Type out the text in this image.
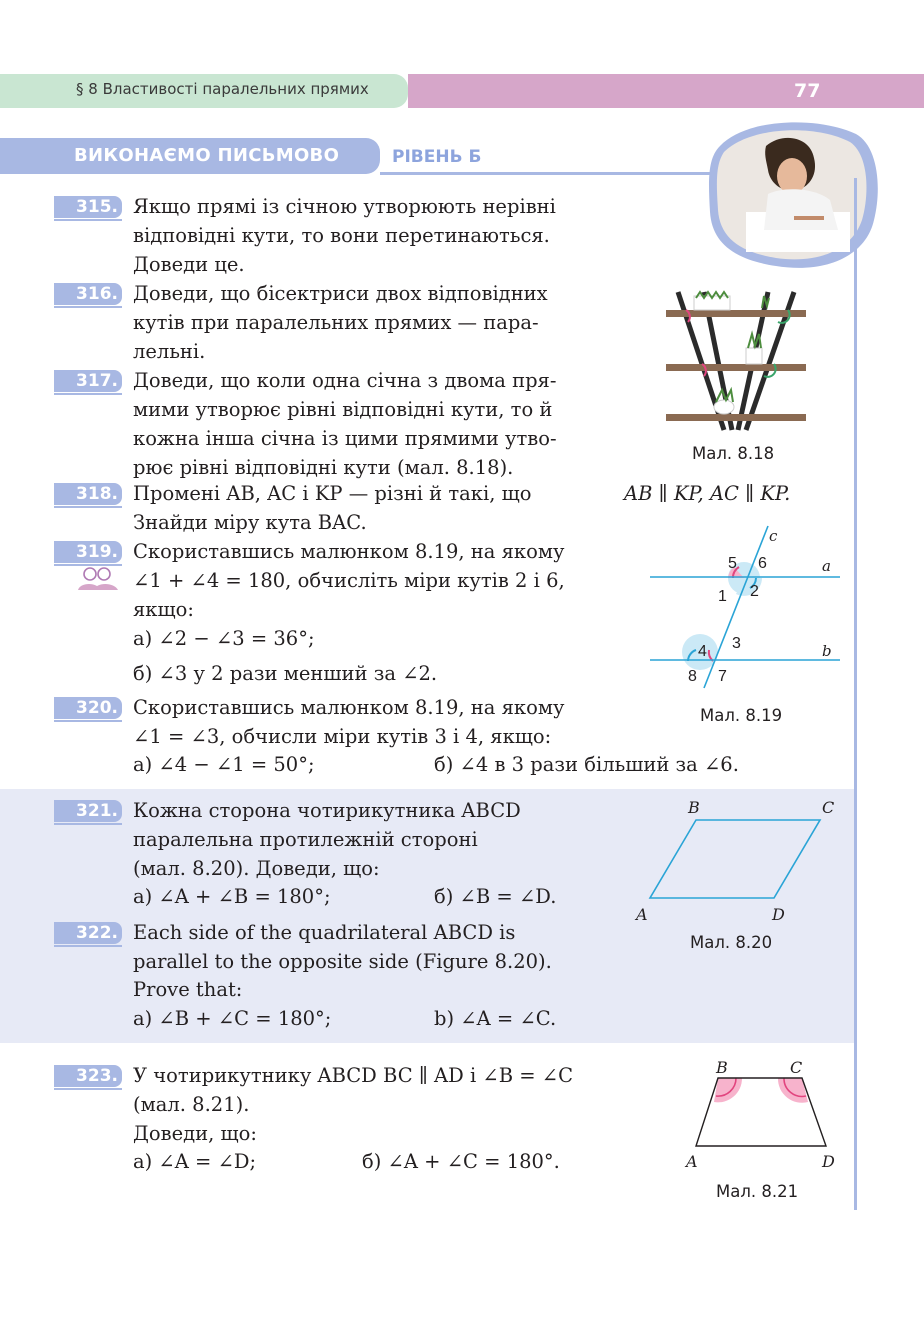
§ 8 Властивості паралельних прямих	77
ВИКОНАЄМО ПИСЬМОВО	РІВЕНЬ Б
315. Якщо прямі із січною утворюють нерівні
відповідні кути, то вони перетинаються.
Доведи це.
316. Доведи, що бісектриси двох відповідних
кутів при паралельних прямих — пара-
лельні.
317. Доведи, що коли одна січна з двома пря-
мими утворює рівні відповідні кути, то й
кожна інша січна із цими прямими утво-
рює рівні відповідні кути (мал. 8.18).
Мал. 8.18
318. Промені AB, AC і KP — різні й такі, що	AB ∥ KP, AC ∥ KP.
Знайди міру кута BAC.
319. Скориставшись малюнком 8.19, на якому
∠1 + ∠4 = 180, обчисліть міри кутів 2 і 6,
якщо:
а) ∠2 − ∠3 = 36°;
б) ∠3 у 2 рази менший за ∠2.
c
a
b
5 6
1 2
3
4
8 7
Мал. 8.19
320. Скориставшись малюнком 8.19, на якому
∠1 = ∠3, обчисли міри кутів 3 і 4, якщо:
а) ∠4 − ∠1 = 50°;	б) ∠4 в 3 рази більший за ∠6.
321. Кожна сторона чотирикутника ABCD
паралельна протилежній стороні
(мал. 8.20). Доведи, що:
а) ∠A + ∠B = 180°;	б) ∠B = ∠D.
B	C
A	D
Мал. 8.20
322. Each side of the quadrilateral ABCD is
parallel to the opposite side (Figure 8.20).
Prove that:
a) ∠B + ∠C = 180°;	b) ∠A = ∠C.
323. У чотирикутнику ABCD BC ∥ AD і ∠B = ∠C
(мал. 8.21).
Доведи, що:
а) ∠A = ∠D;	б) ∠A + ∠C = 180°.
B	C
A	D
Мал. 8.21
